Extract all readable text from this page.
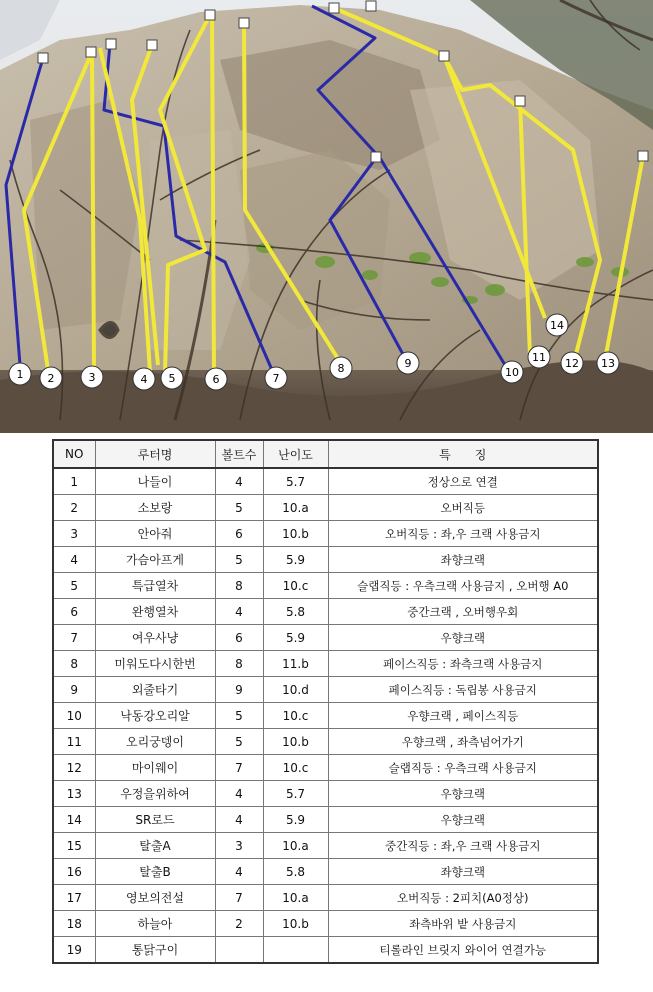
1 2	3	4 5	6	7
8	9
10
11 12 13
14
NO	루터명	볼트수	난이도	특　　징
1	나들이	4	5.7	정상으로 연결
2	소보랑	5	10.a	오버직등
3	안아줘	6	10.b	오버직등 : 좌,우 크랙 사용금지
4	가슴아프게	5	5.9	좌향크랙
5	특급열차	8	10.c	슬랩직등 : 우측크랙 사용금지 , 오버행 A0
6	완행열차	4	5.8	중간크랙 , 오버행우회
7	여우사냥	6	5.9	우향크랙
8	미워도다시한번	8	11.b	페이스직등 : 좌측크랙 사용금지
9	외줄타기	9	10.d	페이스직등 : 독립봉 사용금지
10	낙동강오리알	5	10.c	우향크랙 , 페이스직등
11	오리궁뎅이	5	10.b	우향크랙 , 좌측넘어가기
12	마이웨이	7	10.c	슬랩직등 : 우측크랙 사용금지
13	우정을위하여	4	5.7	우향크랙
14	SR로드	4	5.9	우향크랙
15	탈출A	3	10.a	중간직등 : 좌,우 크랙 사용금지
16	탈출B	4	5.8	좌향크랙
17	영보의전설	7	10.a	오버직등 : 2피치(A0정상)
18	하늘아	2	10.b	좌측바위 밭 사용금지
19	통닭구이			티롤라인 브릿지 와이어 연결가능
